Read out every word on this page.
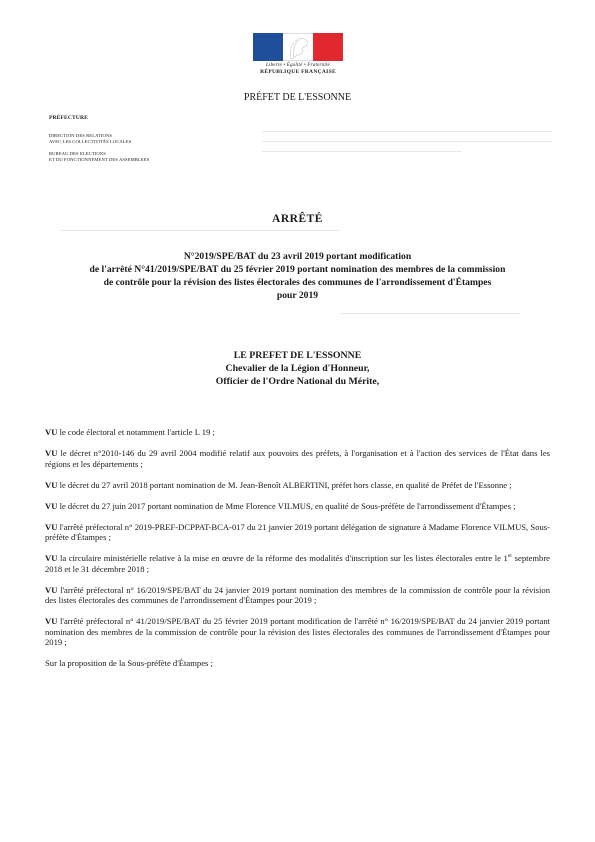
Liberté • Égalité • Fraternité
RÉPUBLIQUE FRANÇAISE
PRÉFET DE L'ESSONNE
PRÉFECTURE
DIRECTION DES RELATIONS
AVEC LES COLLECTIVITÉS LOCALES
BUREAU DES ELECTIONS
ET DU FONCTIONNEMENT DES ASSEMBLEES
ARRÊTÉ
N°2019/SPE/BAT du 23 avril 2019 portant modification
de l'arrêté N°41/2019/SPE/BAT du 25 février 2019 portant nomination des membres de la commission
de contrôle pour la révision des listes électorales des communes de l'arrondissement d'Étampes
pour 2019
LE PREFET DE L'ESSONNE
Chevalier de la Légion d'Honneur,
Officier de l'Ordre National du Mérite,

VU le code électoral et notamment l'article L 19 ;

VU le décret n°2010-146 du 29 avril 2004 modifié relatif aux pouvoirs des préfets, à l'organisation et à l'action des services de l'État dans les régions et les départements ;

VU le décret du 27 avril 2018 portant nomination de M. Jean-Benoît ALBERTINI, préfet hors classe, en qualité de Préfet de l'Essonne ;

VU le décret du 27 juin 2017 portant nomination de Mme Florence VILMUS, en qualité de Sous-préfète de l'arrondissement d'Étampes ;

VU l'arrêté préfectoral n° 2019-PREF-DCPPAT-BCA-017 du 21 janvier 2019 portant délégation de signature à Madame Florence VILMUS, Sous-préfète d'Étampes ;

VU la circulaire ministérielle relative à la mise en œuvre de la réforme des modalités d'inscription sur les listes électorales entre le 1er septembre 2018 et le 31 décembre 2018 ;

VU l'arrêté préfectoral n° 16/2019/SPE/BAT du 24 janvier 2019 portant nomination des membres de la commission de contrôle pour la révision des listes électorales des communes de l'arrondissement d'Étampes pour 2019 ;

VU l'arrêté préfectoral n° 41/2019/SPE/BAT du 25 février 2019 portant modification de l'arrêté n° 16/2019/SPE/BAT du 24 janvier 2019 portant nomination des membres de la commission de contrôle pour la révision des listes électorales des communes de l'arrondissement d'Étampes pour 2019 ;

Sur la proposition de la Sous-préfète d'Étampes ;
